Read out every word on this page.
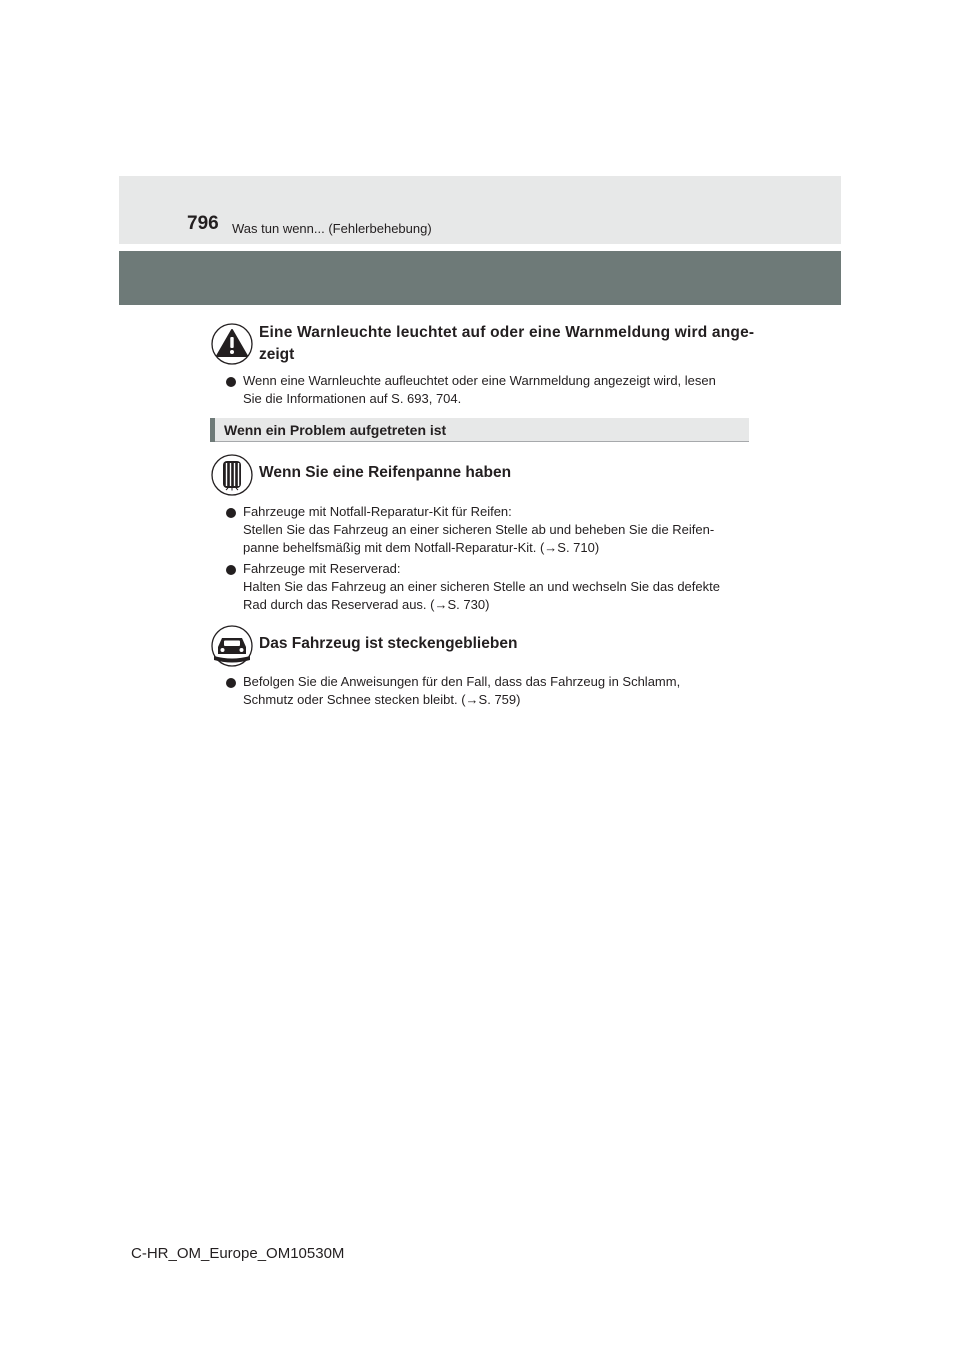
796 Was tun wenn... (Fehlerbehebung)
Eine Warnleuchte leuchtet auf oder eine Warnmeldung wird ange-
zeigt
Wenn eine Warnleuchte aufleuchtet oder eine Warnmeldung angezeigt wird, lesen
Sie die Informationen auf S. 693, 704.
Wenn ein Problem aufgetreten ist
Wenn Sie eine Reifenpanne haben
Fahrzeuge mit Notfall-Reparatur-Kit für Reifen:
Stellen Sie das Fahrzeug an einer sicheren Stelle ab und beheben Sie die Reifen-
panne behelfsmäßig mit dem Notfall-Reparatur-Kit. (→S. 710)
Fahrzeuge mit Reserverad:
Halten Sie das Fahrzeug an einer sicheren Stelle an und wechseln Sie das defekte
Rad durch das Reserverad aus. (→S. 730)
Das Fahrzeug ist steckengeblieben
Befolgen Sie die Anweisungen für den Fall, dass das Fahrzeug in Schlamm,
Schmutz oder Schnee stecken bleibt. (→S. 759)
C-HR_OM_Europe_OM10530M
